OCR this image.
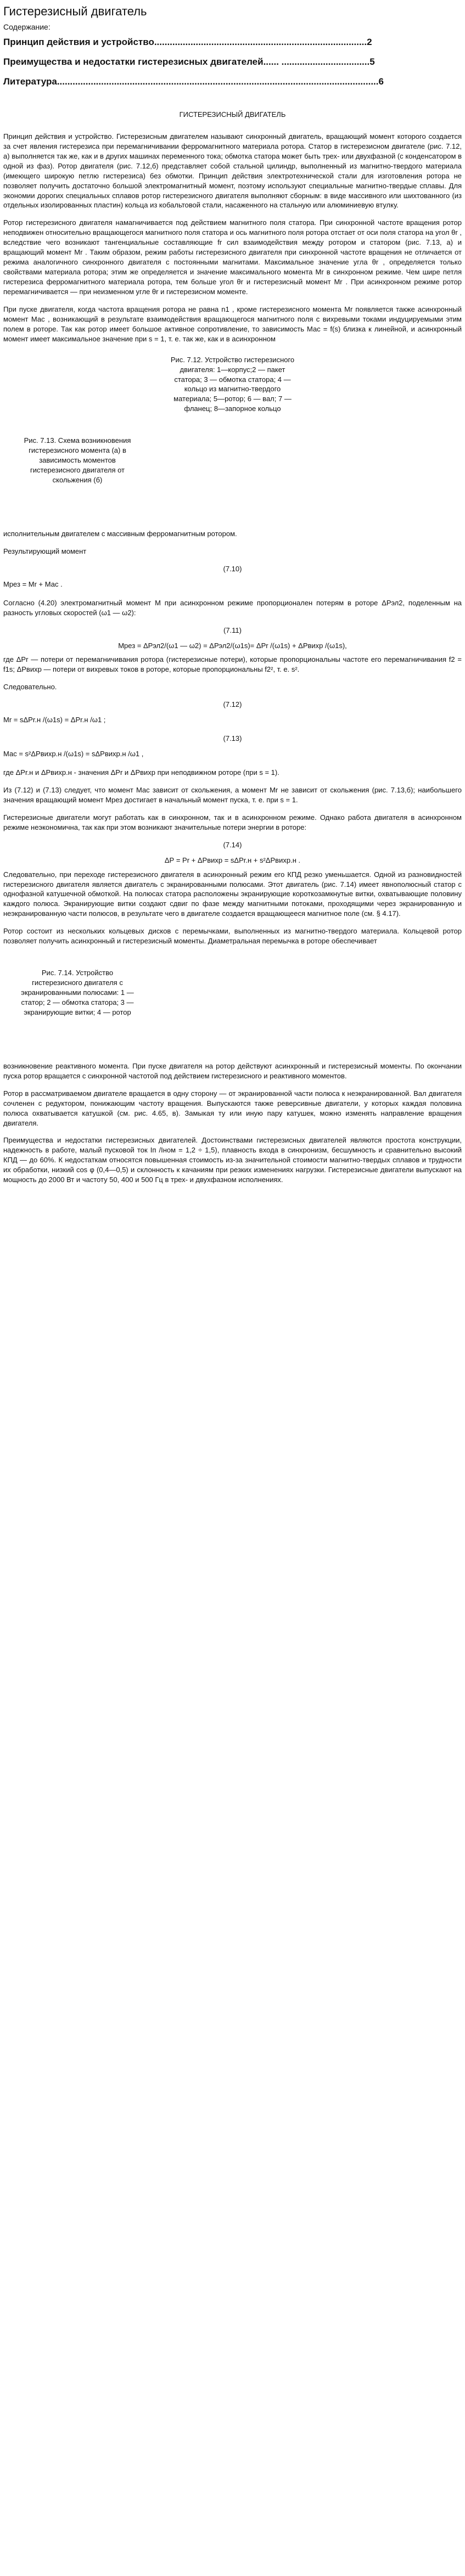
Гистерезисный двигатель
Содержание:
Принцип действия и устройство..................................................................................2
Преимущества и недостатки гистерезисных двигателей...... ..................................5
Литература............................................................................................................................6
ГИСТЕРЕЗИСНЫЙ ДВИГАТЕЛЬ

Принцип действия и устройство. Гистерезисным двигателем называют синхронный двигатель, вращающий момент которого создается за счет явления гистерезиса при перемагничивании ферромагнитного материала ротора. Статор в гистерезисном двигателе (рис. 7.12, а) выполняется так же, как и в других машинах переменного тока; обмотка статора может быть трех- или двухфазной (с конденсатором в одной из фаз). Ротор двигателя (рис. 7.12,б) представляет собой стальной цилиндр, выполненный из магнитно-твердого материала (имеющего широкую петлю гистерезиса) без обмотки. Принцип действия электротехнической стали для изготовления ротора не позволяет получить достаточно большой электромагнитный момент, поэтому используют специальные магнитно-твердые сплавы. Для экономии дорогих специальных сплавов ротор гистерезисного двигателя выполняют сборным: в виде массивного или шихтованного (из отдельных изолированных пластин) кольца из кобальтовой стали, насаженного на стальную или алюминиевую втулку.

Ротор гистерезисного двигателя намагничивается под действием магнитного поля статора. При синхронной частоте вращения ротор неподвижен относительно вращающегося магнитного поля статора и ось магнитного поля ротора отстает от оси поля статора на угол θr , вследствие чего возникают тангенциальные составляющие fr сил взаимодействия между ротором и статором (рис. 7.13, а) и вращающий момент Мr . Таким образом, режим работы гистерезисного двигателя при синхронной частоте вращения не отличается от режима аналогичного синхронного двигателя с постоянными магнитами. Максимальное значение угла θr , определяется только свойствами материала ротора; этим же определяется и значение максимального момента Мr в синхронном режиме. Чем шире петля гистерезиса ферромагнитного материала ротора, тем больше угол θr и гистерезисный момент Мr . При асинхронном режиме ротор перемагничивается — при неизменном угле θr и гистерезисном моменте.

При пуске двигателя, когда частота вращения ротора не равна n1 , кроме гистерезисного момента Мr появляется также асинхронный момент Мас , возникающий в результате взаимодействия вращающегося магнитного поля с вихревыми токами индуцируемыми этим полем в роторе. Так как ротор имеет большое активное сопротивление, то зависимость Мас = f(s) близка к линейной, и асинхронный момент имеет максимальное значение при s = 1, т. е. так же, как и в асинхронном

Рис. 7.12. Устройство гистерезисного двигателя: 1—корпус;2 — пакет статора; 3 — обмотка статора; 4 — кольцо из магнитно-твердого материала; 5—ротор; 6 — вал; 7 —фланец; 8—запорное кольцо
Рис. 7.13. Схема возникновения гистерезисного момента (а) в зависимость моментов гистерезисного двигателя от скольжения (б)

исполнительным двигателем с массивным ферромагнитным ротором.

Результирующий момент

(7.10)
Мрез = Мr + Мас .

Согласно (4.20) электромагнитный момент М при асинхронном режиме пропорционален потерям в роторе ΔРэл2, поделенным на разность угловых скоростей (ω1 — ω2):

(7.11)
Мрез = ΔРэл2/(ω1 — ω2) = ΔРэл2/(ω1s)= ΔРr /(ω1s) + ΔРвихр /(ω1s),

где ΔРr — потери от перемагничивания ротора (гистерезисные потери), которые пропорциональны частоте его перемагничивания f2 = f1s; ΔРвихр — потери от вихревых токов в роторе, которые пропорциональны f2², т. е. s².

Следовательно.

(7.12)
Мr = sΔРr.н /(ω1s) = ΔРr.н /ω1 ;
(7.13)
Мас = s²ΔРвихр.н /(ω1s) = sΔРвихр.н /ω1 ,

где ΔРr.н и ΔРвихр.н - значения ΔРr и ΔРвихр при неподвижном роторе (при s = 1).

Из (7.12) и (7.13) следует, что момент Мас зависит от скольжения, а момент Мr не зависит от скольжения (рис. 7.13,б); наибольшего значения вращающий момент Мрез достигает в начальный момент пуска, т. е. при s = 1.

Гистерезисные двигатели могут работать как в синхронном, так и в асинхронном режиме. Однако работа двигателя в асинхронном режиме неэкономична, так как при этом возникают значительные потери энергии в роторе:

(7.14)
ΔР = Рr + ΔРвихр = sΔРr.н + s²ΔРвихр.н .

Следовательно, при переходе гистерезисного двигателя в асинхронный режим его КПД резко уменьшается. Одной из разновидностей гистерезисного двигателя является двигатель с экранированными полюсами. Этот двигатель (рис. 7.14) имеет явнополюсный статор с однофазной катушечной обмоткой. На полюсах статора расположены экранирующие короткозамкнутые витки, охватывающие половину каждого полюса. Экранирующие витки создают сдвиг по фазе между магнитными потоками, проходящими через экранированную и неэкранированную части полюсов, в результате чего в двигателе создается вращающееся магнитное поле (см. § 4.17).

Ротор состоит из нескольких кольцевых дисков с перемычками, выполненных из магнитно-твердого материала. Кольцевой ротор позволяет получить асинхронный и гистерезисный моменты. Диаметральная перемычка в роторе обеспечивает

Рис. 7.14. Устройство гистерезисного двигателя с экранированными полюсами: 1 — статор; 2 — обмотка статора; 3 — экранирующие витки; 4 — ротор

возникновение реактивного момента. При пуске двигателя на ротор действуют асинхронный и гистерезисный моменты. По окончании пуска ротор вращается с синхронной частотой под действием гистерезисного и реактивного моментов.

Ротор в рассматриваемом двигателе вращается в одну сторону — от экранированной части полюса к неэкранированной. Вал двигателя сочленен с редуктором, понижающим частоту вращения. Выпускаются также реверсивные двигатели, у которых каждая половина полюса охватывается катушкой (см. рис. 4.65, в). Замыкая ту или иную пару катушек, можно изменять направление вращения двигателя.

Преимущества и недостатки гистерезисных двигателей. Достоинствами гистерезисных двигателей являются простота конструкции, надежность в работе, малый пусковой ток Iп /Iном = 1,2 ÷ 1,5), плавность входа в синхронизм, бесшумность и сравнительно высокий КПД — до 60%. К недостаткам относятся повышенная стоимость из-за значительной стоимости магнитно-твердых сплавов и трудности их обработки, низкий cos φ (0,4—0,5) и склонность к качаниям при резких изменениях нагрузки. Гистерезисные двигатели выпускают на мощность до 2000 Вт и частоту 50, 400 и 500 Гц в трех- и двухфазном исполнениях.
